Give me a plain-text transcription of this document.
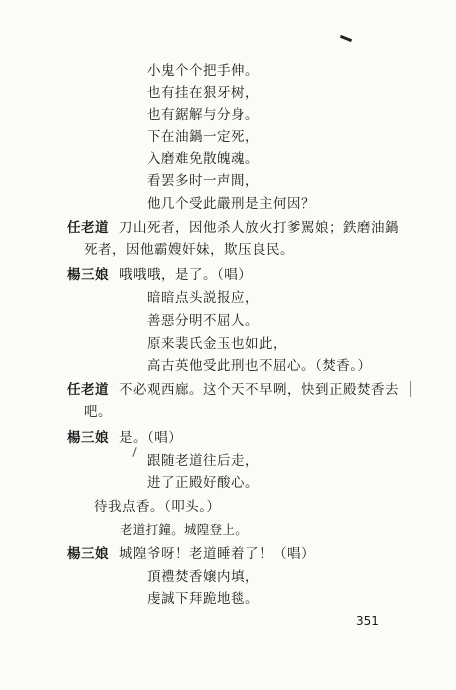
小鬼个个把手伸。
也有挂在狠牙树，
也有鋸解与分身。
下在油鍋一定死，
入磨难免散魄魂。
看罢多时一声間，
他几个受此嚴刑是主何因？
任老道 刀山死者，因他杀人放火打爹駡娘；鉄磨油鍋
死者，因他霸嫂奸妹，欺压良民。
楊三娘 哦哦哦，是了。（唱）
暗暗点头説报应，
善惡分明不屈人。
原来裴氏金玉也如此，
高古英他受此刑也不屈心。（焚香。）
任老道 不必观西廊。这个天不早咧，快到正殿焚香去
吧。
楊三娘 是。（唱）
跟随老道往后走，
进了正殿好酸心。
待我点香。（叩头。）
老道打鐘。城隍登上。
楊三娘 城隍爷呀！老道睡着了！（唱）
頂禮焚香嬢内填，
虔誠下拜跪地毯。
351
